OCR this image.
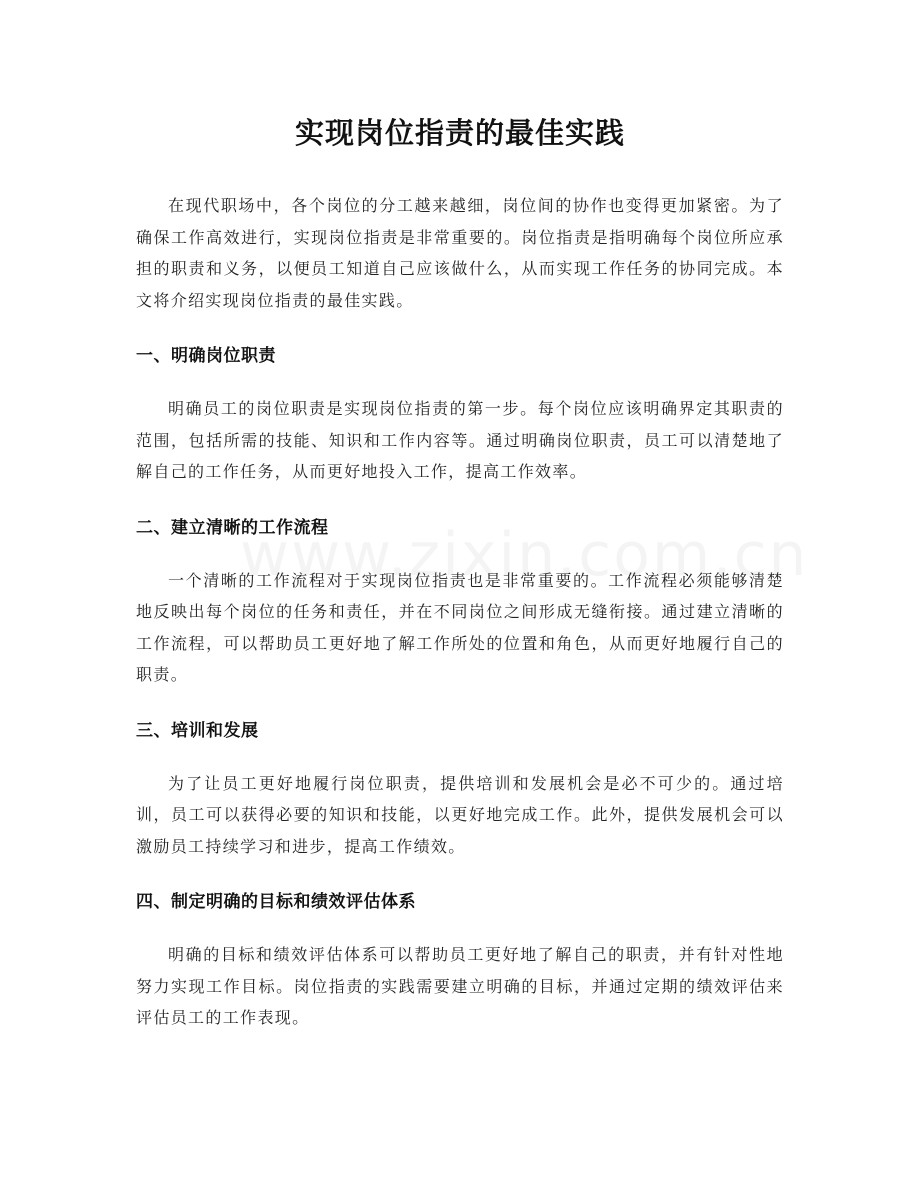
实现岗位指责的最佳实践

在现代职场中，各个岗位的分工越来越细，岗位间的协作也变得更加紧密。为了确保工作高效进行，实现岗位指责是非常重要的。岗位指责是指明确每个岗位所应承担的职责和义务，以便员工知道自己应该做什么，从而实现工作任务的协同完成。本文将介绍实现岗位指责的最佳实践。

一、明确岗位职责

明确员工的岗位职责是实现岗位指责的第一步。每个岗位应该明确界定其职责的范围，包括所需的技能、知识和工作内容等。通过明确岗位职责，员工可以清楚地了解自己的工作任务，从而更好地投入工作，提高工作效率。

二、建立清晰的工作流程

一个清晰的工作流程对于实现岗位指责也是非常重要的。工作流程必须能够清楚地反映出每个岗位的任务和责任，并在不同岗位之间形成无缝衔接。通过建立清晰的工作流程，可以帮助员工更好地了解工作所处的位置和角色，从而更好地履行自己的职责。

三、培训和发展

为了让员工更好地履行岗位职责，提供培训和发展机会是必不可少的。通过培训，员工可以获得必要的知识和技能，以更好地完成工作。此外，提供发展机会可以激励员工持续学习和进步，提高工作绩效。

四、制定明确的目标和绩效评估体系

明确的目标和绩效评估体系可以帮助员工更好地了解自己的职责，并有针对性地努力实现工作目标。岗位指责的实践需要建立明确的目标，并通过定期的绩效评估来评估员工的工作表现。
